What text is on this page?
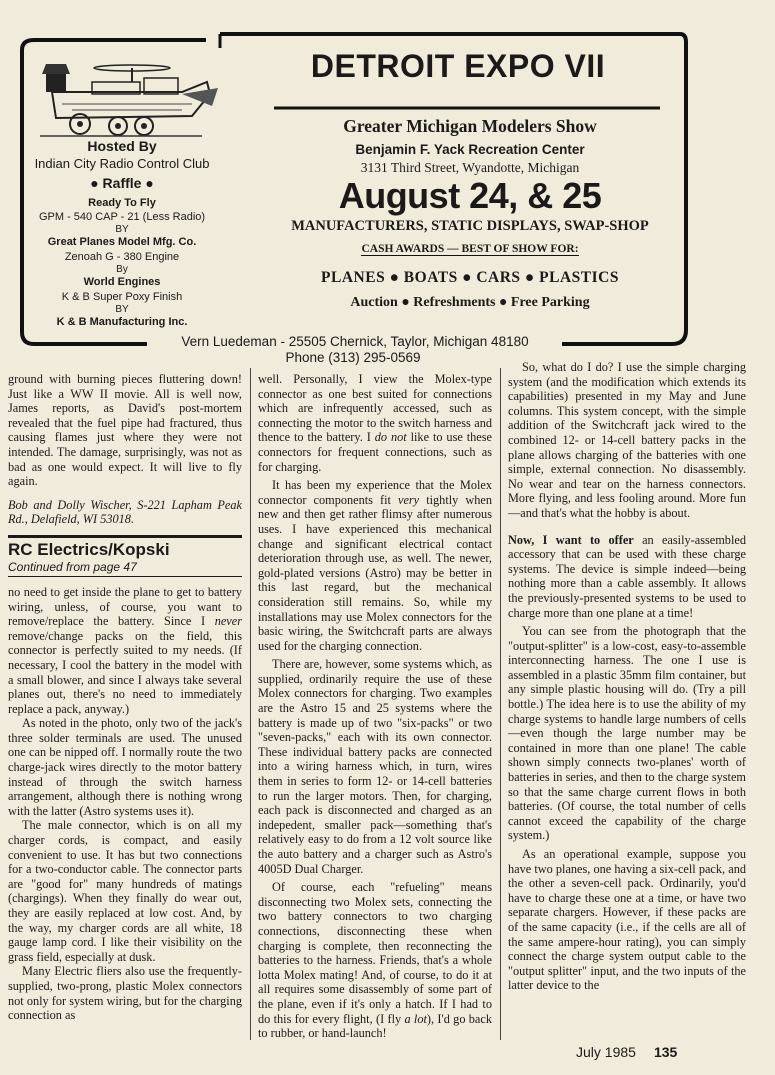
DETROIT EXPO VII
Greater Michigan Modelers Show
Benjamin F. Yack Recreation Center
3131 Third Street, Wyandotte, Michigan
August 24, & 25
MANUFACTURERS, STATIC DISPLAYS, SWAP-SHOP
CASH AWARDS — BEST OF SHOW FOR:
PLANES ● BOATS ● CARS ● PLASTICS
Auction ● Refreshments ● Free Parking
Hosted By
Indian City Radio Control Club
● Raffle ●
Ready To Fly
GPM - 540 CAP - 21 (Less Radio)
BY
Great Planes Model Mfg. Co.
Zenoah G - 380 Engine
By
World Engines
K & B Super Poxy Finish
BY
K & B Manufacturing Inc.
Vern Luedeman - 25505 Chernick, Taylor, Michigan 48180
Phone (313) 295-0569

ground with burning pieces fluttering down! Just like a WW II movie. All is well now, James reports, as David's post-mortem revealed that the fuel pipe had fractured, thus causing flames just where they were not intended. The damage, surprisingly, was not as bad as one would expect. It will live to fly again.

Bob and Dolly Wischer, S-221 Lapham Peak Rd., Delafield, WI 53018.

RC Electrics/Kopski
Continued from page 47

no need to get inside the plane to get to battery wiring, unless, of course, you want to remove/replace the battery. Since I never remove/change packs on the field, this connector is perfectly suited to my needs. (If necessary, I cool the battery in the model with a small blower, and since I always take several planes out, there's no need to immediately replace a pack, anyway.)

As noted in the photo, only two of the jack's three solder terminals are used. The unused one can be nipped off. I normally route the two charge-jack wires directly to the motor battery instead of through the switch harness arrangement, although there is nothing wrong with the latter (Astro systems uses it).

The male connector, which is on all my charger cords, is compact, and easily convenient to use. It has but two connections for a two-conductor cable. The connector parts are "good for" many hundreds of matings (chargings). When they finally do wear out, they are easily replaced at low cost. And, by the way, my charger cords are all white, 18 gauge lamp cord. I like their visibility on the grass field, especially at dusk.

Many Electric fliers also use the frequently-supplied, two-prong, plastic Molex connectors not only for system wiring, but for the charging connection as

well. Personally, I view the Molex-type connector as one best suited for connections which are infrequently accessed, such as connecting the motor to the switch harness and thence to the battery. I do not like to use these connectors for frequent connections, such as for charging.

It has been my experience that the Molex connector components fit very tightly when new and then get rather flimsy after numerous uses. I have experienced this mechanical change and significant electrical contact deterioration through use, as well. The newer, gold-plated versions (Astro) may be better in this last regard, but the mechanical consideration still remains. So, while my installations may use Molex connectors for the basic wiring, the Switchcraft parts are always used for the charging connection.

There are, however, some systems which, as supplied, ordinarily require the use of these Molex connectors for charging. Two examples are the Astro 15 and 25 systems where the battery is made up of two "six-packs" or two "seven-packs," each with its own connector. These individual battery packs are connected into a wiring harness which, in turn, wires them in series to form 12- or 14-cell batteries to run the larger motors. Then, for charging, each pack is disconnected and charged as an indepedent, smaller pack—something that's relatively easy to do from a 12 volt source like the auto battery and a charger such as Astro's 4005D Dual Charger.

Of course, each "refueling" means disconnecting two Molex sets, connecting the two battery connectors to two charging connections, disconnecting these when charging is complete, then reconnecting the batteries to the harness. Friends, that's a whole lotta Molex mating! And, of course, to do it at all requires some disassembly of some part of the plane, even if it's only a hatch. If I had to do this for every flight, (I fly a lot), I'd go back to rubber, or hand-launch!

So, what do I do? I use the simple charging system (and the modification which extends its capabilities) presented in my May and June columns. This system concept, with the simple addition of the Switchcraft jack wired to the combined 12- or 14-cell battery packs in the plane allows charging of the batteries with one simple, external connection. No disassembly. No wear and tear on the harness connectors. More flying, and less fooling around. More fun—and that's what the hobby is about.

Now, I want to offer an easily-assembled accessory that can be used with these charge systems. The device is simple indeed—being nothing more than a cable assembly. It allows the previously-presented systems to be used to charge more than one plane at a time!

You can see from the photograph that the "output-splitter" is a low-cost, easy-to-assemble interconnecting harness. The one I use is assembled in a plastic 35mm film container, but any simple plastic housing will do. (Try a pill bottle.) The idea here is to use the ability of my charge systems to handle large numbers of cells—even though the large number may be contained in more than one plane! The cable shown simply connects two-planes' worth of batteries in series, and then to the charge system so that the same charge current flows in both batteries. (Of course, the total number of cells cannot exceed the capability of the charge system.)

As an operational example, suppose you have two planes, one having a six-cell pack, and the other a seven-cell pack. Ordinarily, you'd have to charge these one at a time, or have two separate chargers. However, if these packs are of the same capacity (i.e., if the cells are all of the same ampere-hour rating), you can simply connect the charge system output cable to the "output splitter" input, and the two inputs of the latter device to the

July 1985 135
